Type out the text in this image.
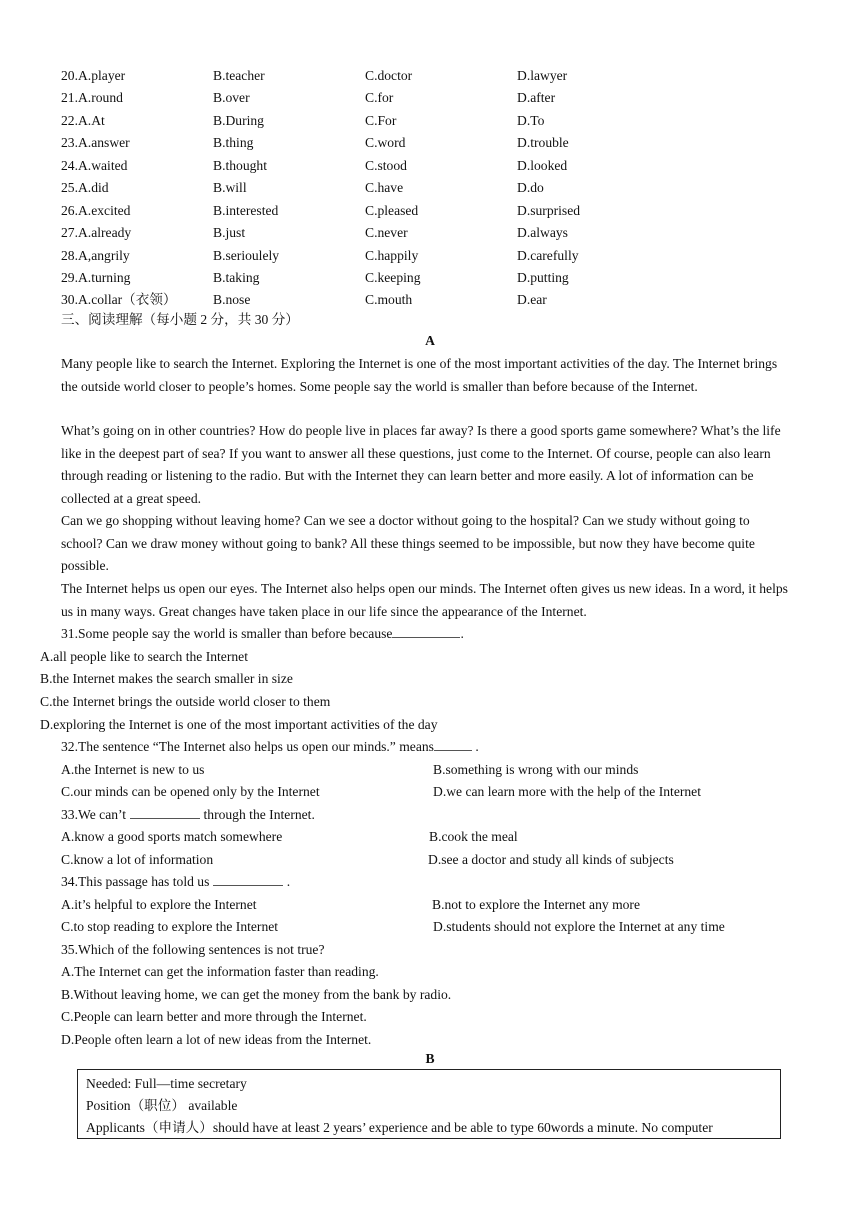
20.A.player	B.teacher	C.doctor	D.lawyer
21.A.round	B.over	C.for	D.after
22.A.At	B.During	C.For	D.To
23.A.answer	B.thing	C.word	D.trouble
24.A.waited	B.thought	C.stood	D.looked
25.A.did	B.will	C.have	D.do
26.A.excited	B.interested	C.pleased	D.surprised
27.A.already	B.just	C.never	D.always
28.A,angrily	B.serioulely	C.happily	D.carefully
29.A.turning	B.taking	C.keeping	D.putting
30.A.collar（衣领）	B.nose	C.mouth	D.ear
三、阅读理解（每小题 2 分，共 30 分）
A
Many people like to search the Internet. Exploring the Internet is one of the most important activities of the day. The Internet brings the outside world closer to people’s homes. Some people say the world is smaller than before because of the Internet.
What’s going on in other countries? How do people live in places far away? Is there a good sports game somewhere? What’s the life like in the deepest part of sea? If you want to answer all these questions, just come to the Internet. Of course, people can also learn through reading or listening to the radio. But with the Internet they can learn better and more easily. A lot of information can be collected at a great speed.
Can we go shopping without leaving home? Can we see a doctor without going to the hospital? Can we study without going to school? Can we draw money without going to bank? All these things seemed to be impossible, but now they have become quite possible.
The Internet helps us open our eyes. The Internet also helps open our minds. The Internet often gives us new ideas. In a word, it helps us in many ways. Great changes have taken place in our life since the appearance of the Internet.
31.Some people say the world is smaller than before because	.
A.all people like to search the Internet
B.the Internet makes the search smaller in size
C.the Internet brings the outside world closer to them
D.exploring the Internet is one of the most important activities of the day
32.The sentence “The Internet also helps us open our minds.” means	.
A.the Internet is new to us	B.something is wrong with our minds
C.our minds can be opened only by the Internet	D.we can learn more with the help of the Internet
33.We can’t	through the Internet.
A.know a good sports match somewhere	B.cook the meal
C.know a lot of information	D.see a doctor and study all kinds of subjects
34.This passage has told us	.
A.it’s helpful to explore the Internet	B.not to explore the Internet any more
C.to stop reading to explore the Internet	D.students should not explore the Internet at any time
35.Which of the following sentences is not true?
A.The Internet can get the information faster than reading.
B.Without leaving home, we can get the money from the bank by radio.
C.People can learn better and more through the Internet.
D.People often learn a lot of new ideas from the Internet.
B
Needed: Full—time secretary
Position（职位） available
Applicants（申请人）should have at least 2 years’ experience and be able to type 60words a minute. No computer
